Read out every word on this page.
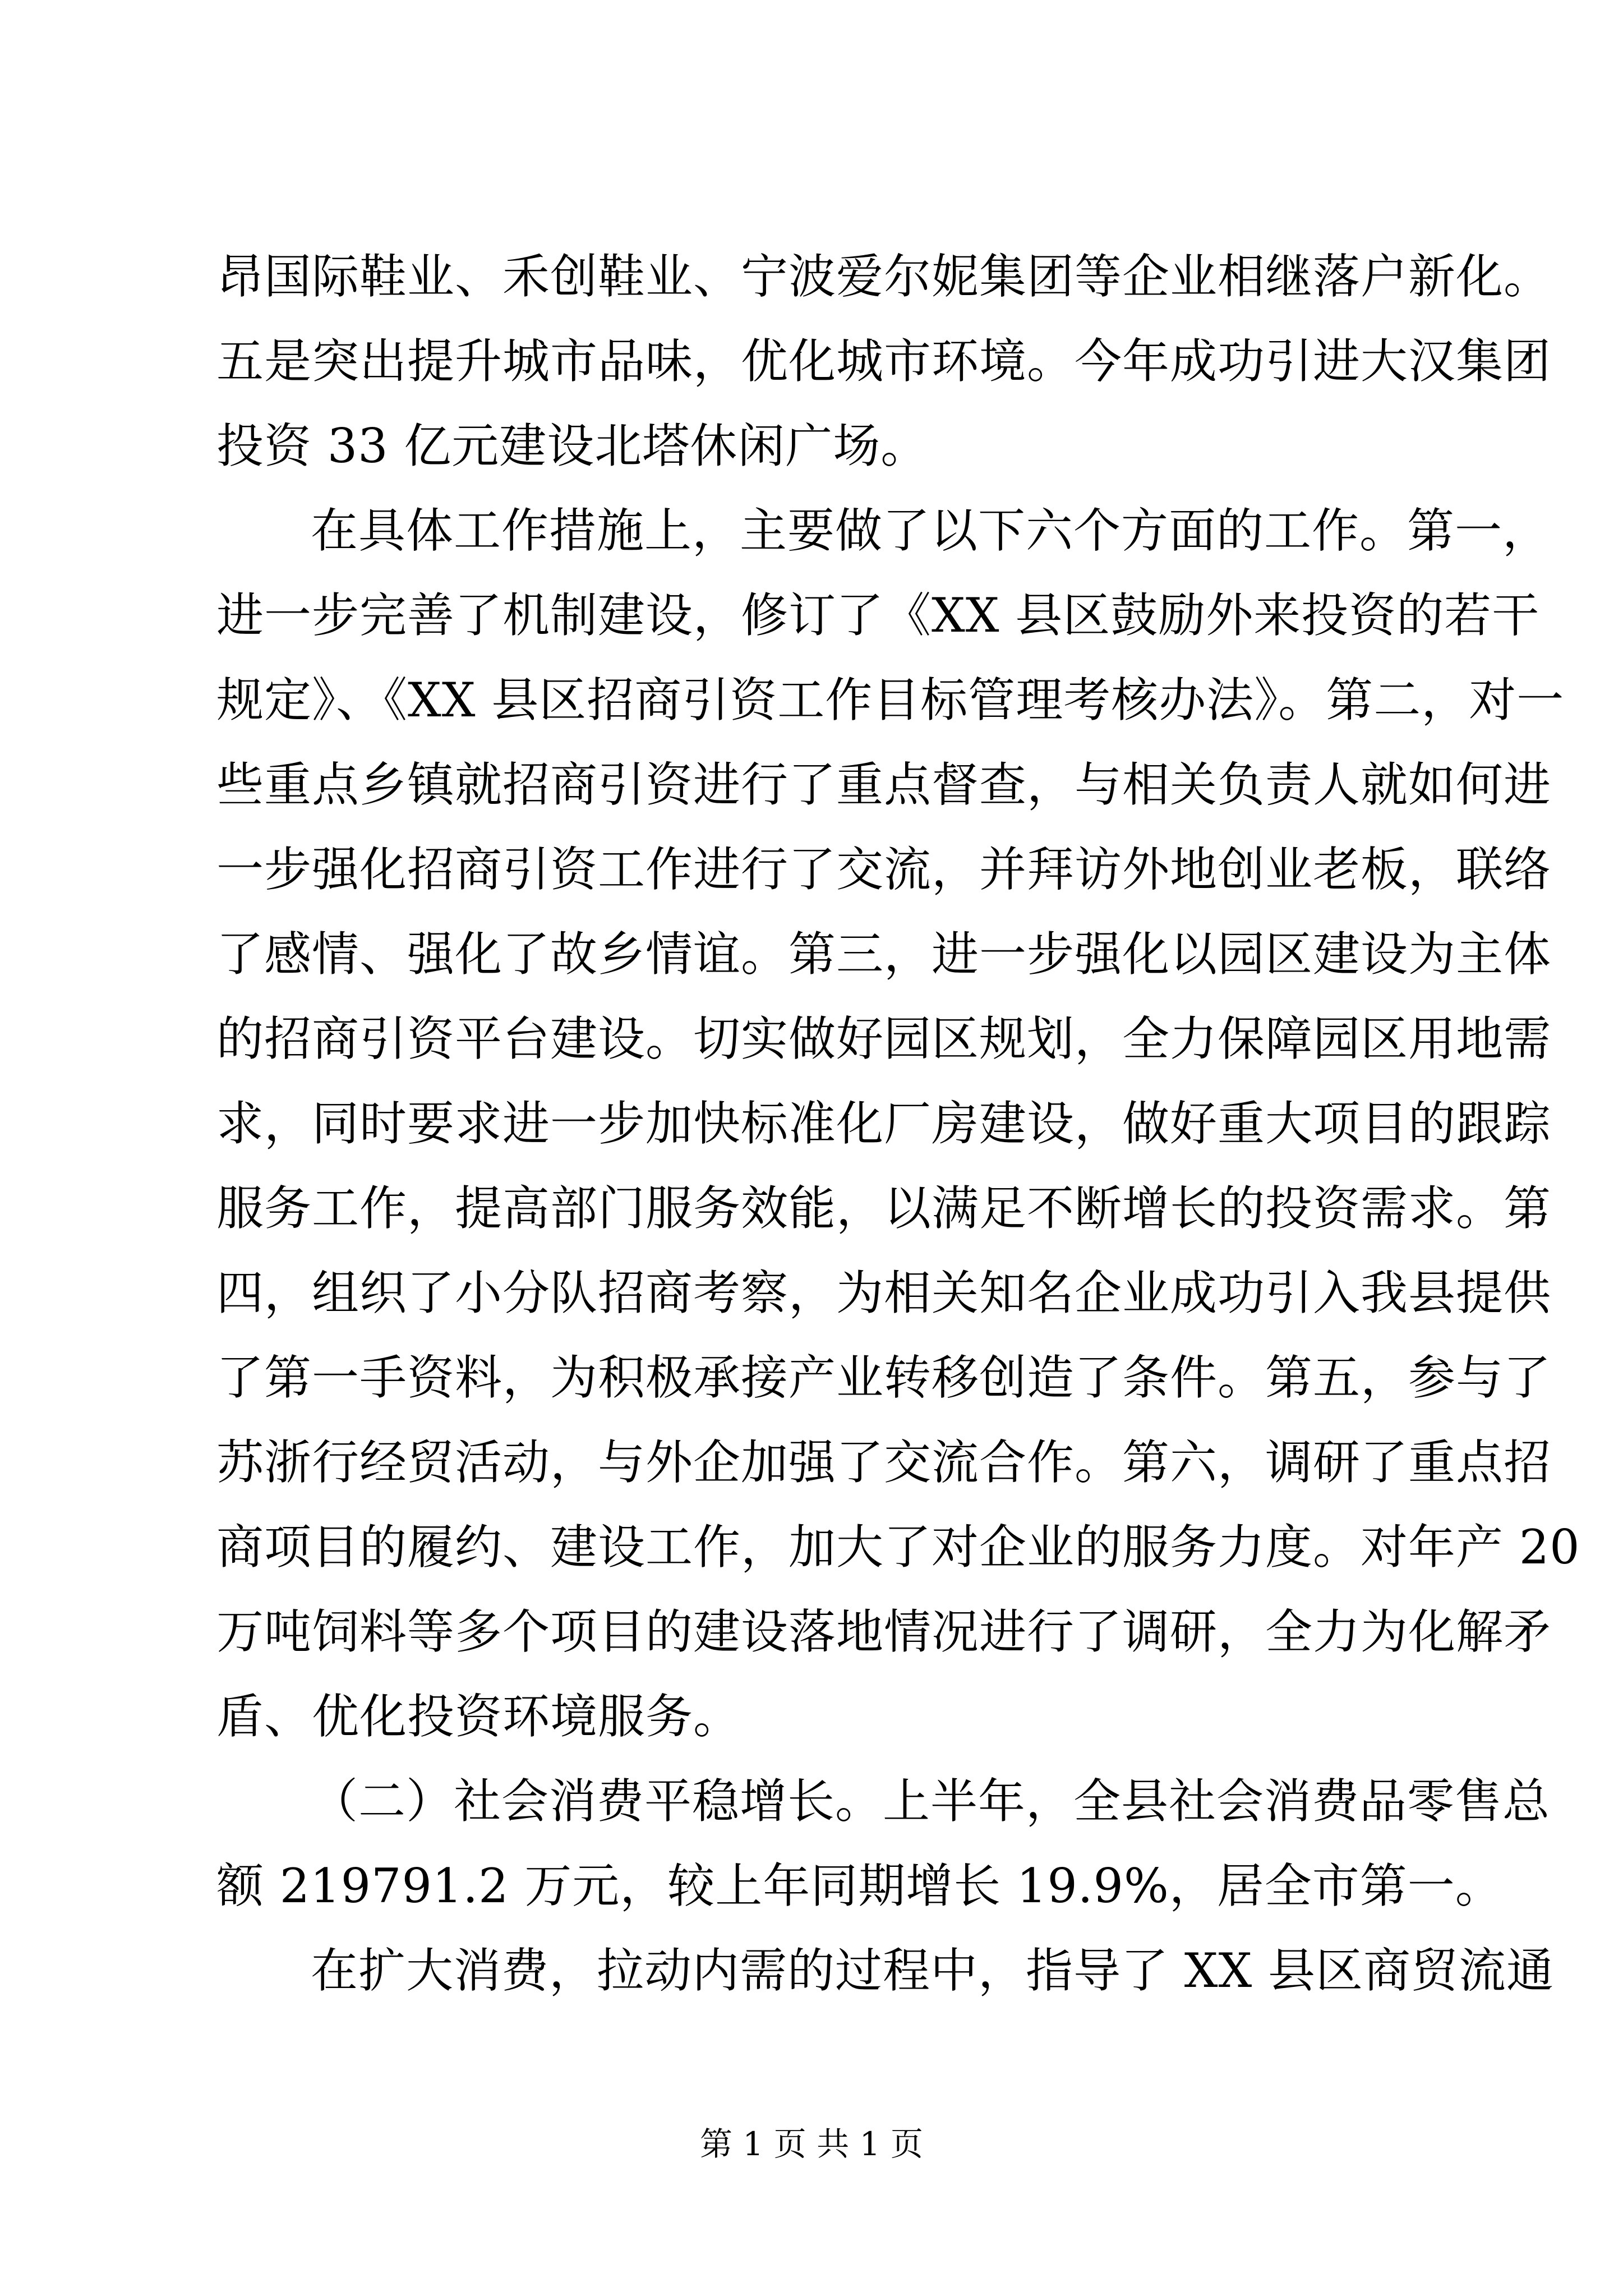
昂国际鞋业、禾创鞋业、宁波爱尔妮集团等企业相继落户新化。
五是突出提升城市品味，优化城市环境。今年成功引进大汉集团
投资 33 亿元建设北塔休闲广场。
在具体工作措施上，主要做了以下六个方面的工作。第一，
进一步完善了机制建设，修订了《XX 县区鼓励外来投资的若干
规定》、《XX 县区招商引资工作目标管理考核办法》。第二，对一
些重点乡镇就招商引资进行了重点督查，与相关负责人就如何进
一步强化招商引资工作进行了交流，并拜访外地创业老板，联络
了感情、强化了故乡情谊。第三，进一步强化以园区建设为主体
的招商引资平台建设。切实做好园区规划，全力保障园区用地需
求，同时要求进一步加快标准化厂房建设，做好重大项目的跟踪
服务工作，提高部门服务效能，以满足不断增长的投资需求。第
四，组织了小分队招商考察，为相关知名企业成功引入我县提供
了第一手资料，为积极承接产业转移创造了条件。第五，参与了
苏浙行经贸活动，与外企加强了交流合作。第六，调研了重点招
商项目的履约、建设工作，加大了对企业的服务力度。对年产 20
万吨饲料等多个项目的建设落地情况进行了调研，全力为化解矛
盾、优化投资环境服务。
（二）社会消费平稳增长。上半年，全县社会消费品零售总
额 219791.2 万元，较上年同期增长 19.9%，居全市第一。
在扩大消费，拉动内需的过程中，指导了 XX 县区商贸流通
第 1 页 共 1 页
